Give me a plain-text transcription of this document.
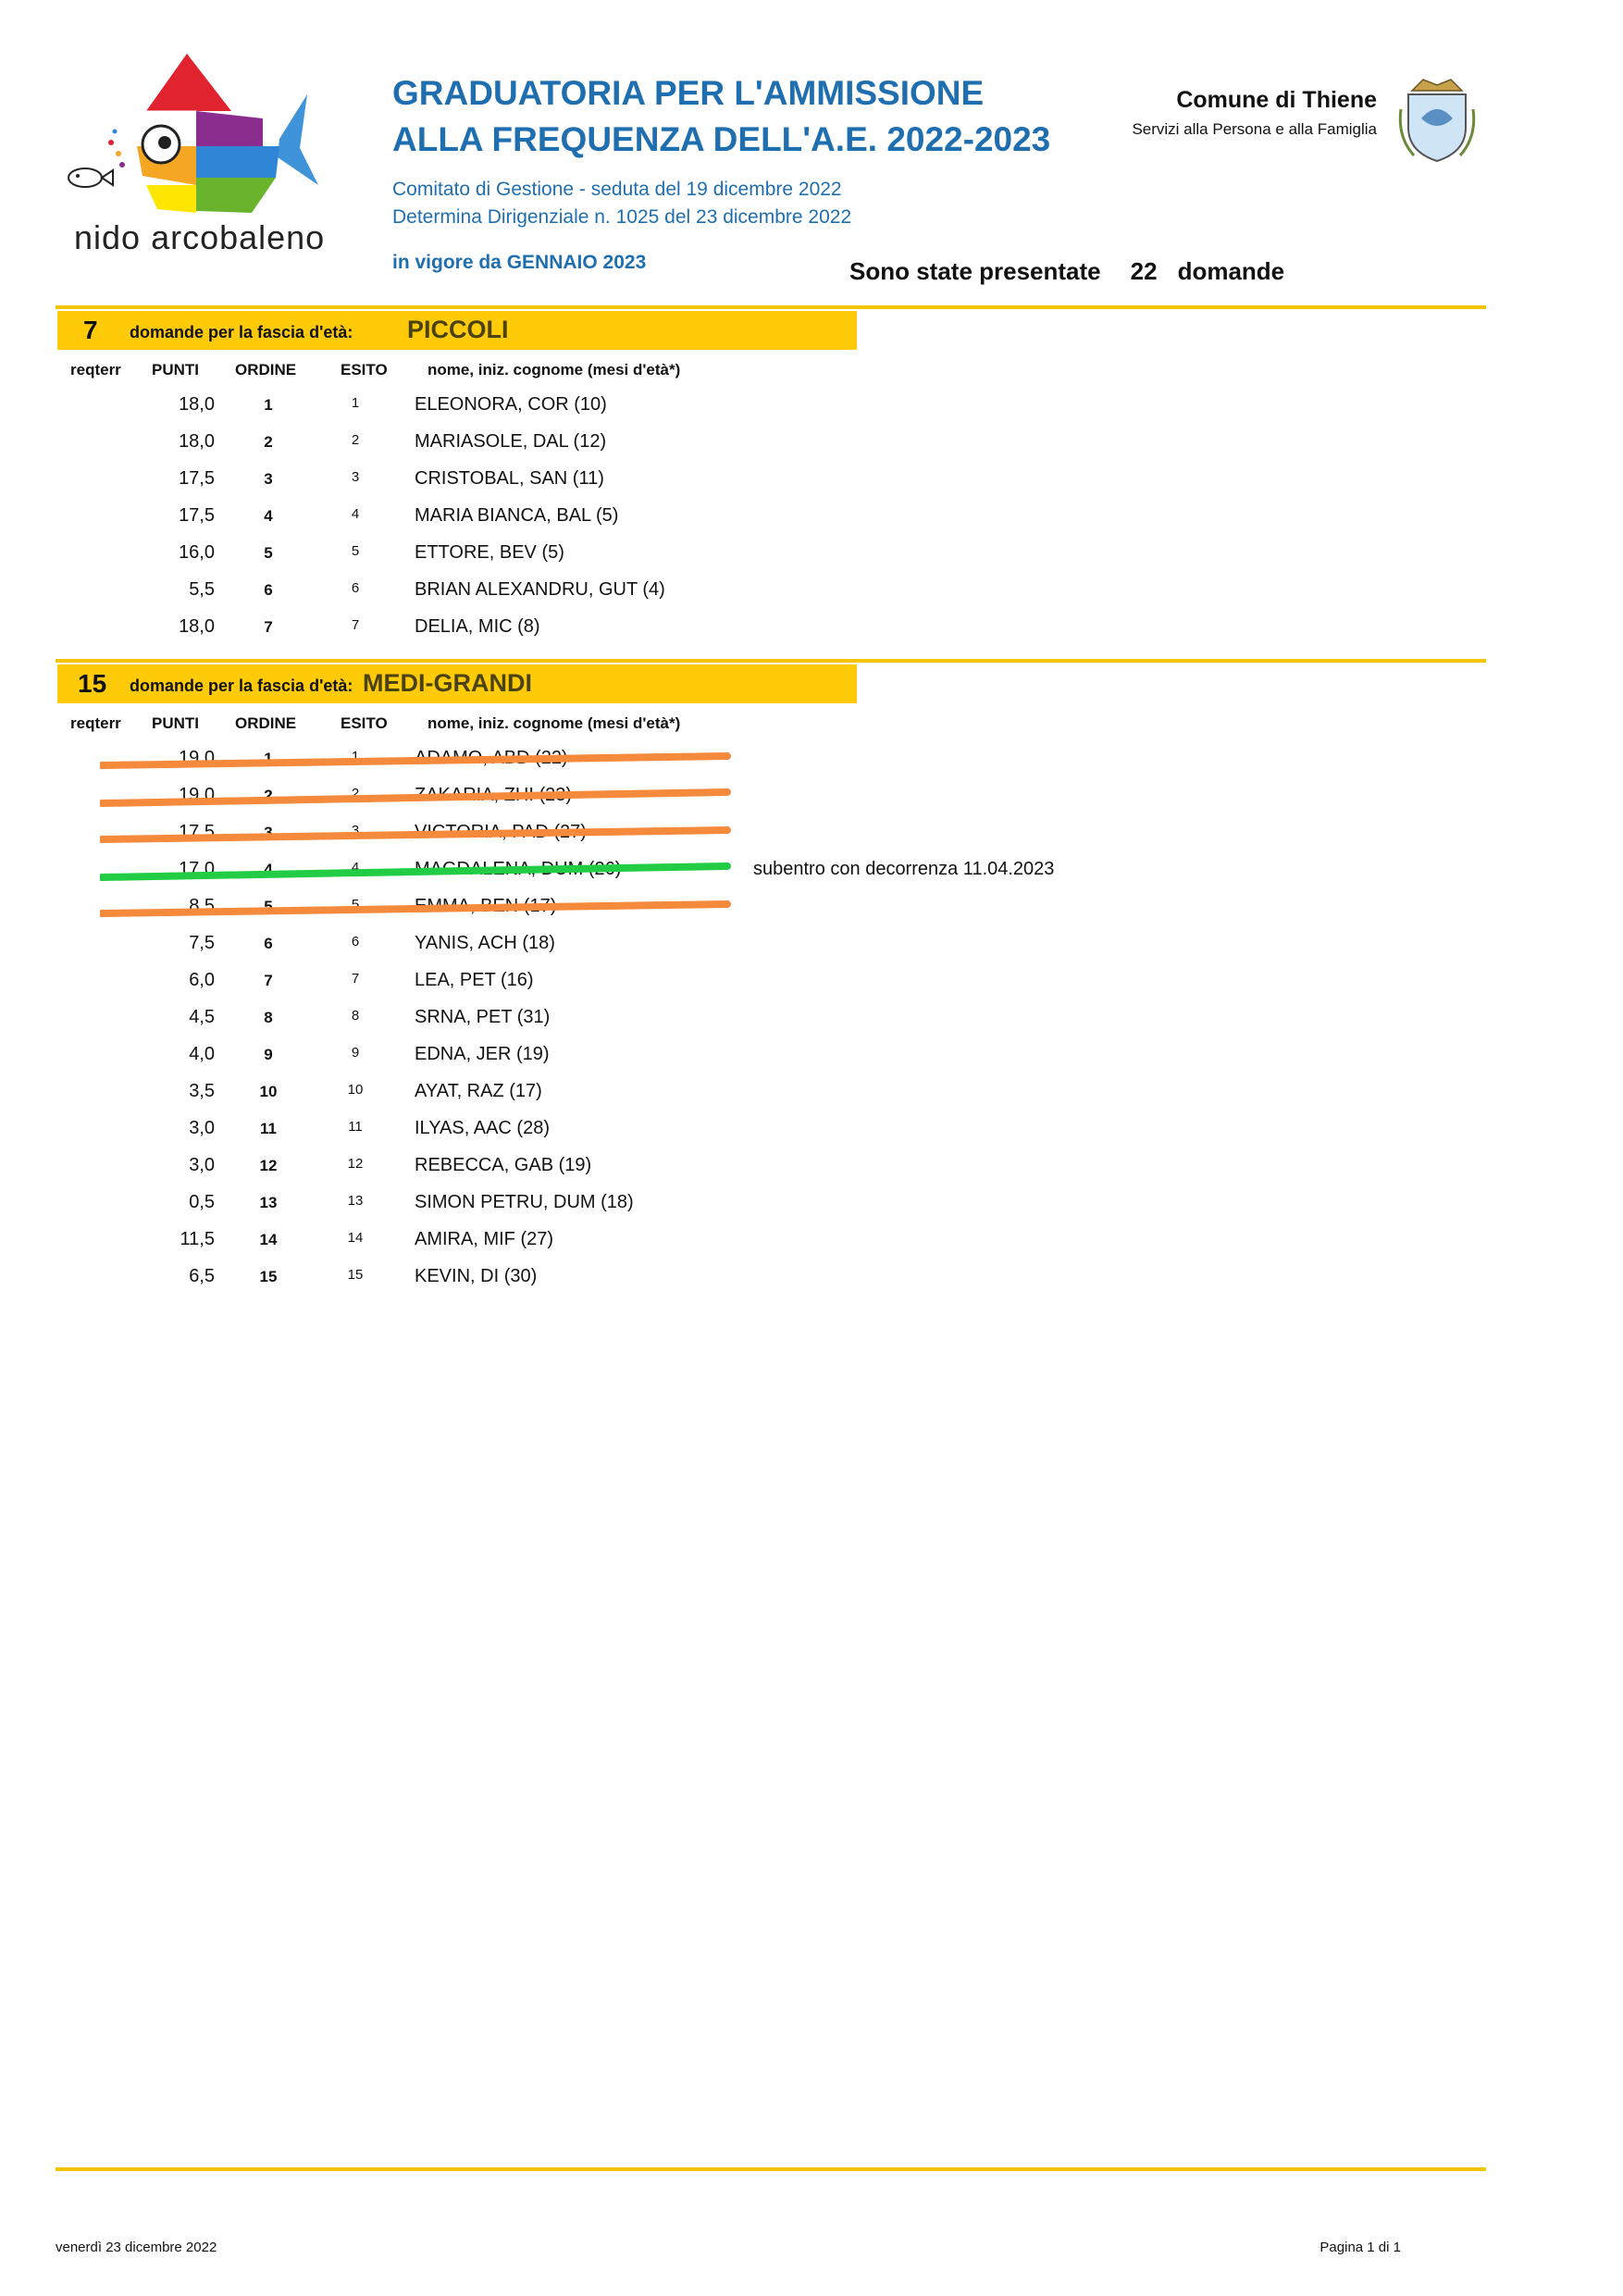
nido arcobaleno
GRADUATORIA PER L'AMMISSIONE
ALLA FREQUENZA DELL'A.E. 2022-2023
Comitato di Gestione - seduta del 19 dicembre 2022
Determina Dirigenziale n. 1025 del 23 dicembre 2022
in vigore da GENNAIO 2023
Comune di Thiene
Servizi alla Persona e alla Famiglia
Sono state presentate 22 domande
7 domande per la fascia d'età: PICCOLI
reqterr PUNTI ORDINE	ESITO	nome, iniz. cognome (mesi d'età*)
18,0	1	1	ELEONORA, COR (10)
18,0	2	2	MARIASOLE, DAL (12)
17,5	3	3	CRISTOBAL, SAN (11)
17,5	4	4	MARIA BIANCA, BAL (5)
16,0	5	5	ETTORE, BEV (5)
5,5	6	6	BRIAN ALEXANDRU, GUT (4)
18,0	7	7	DELIA, MIC (8)
15 domande per la fascia d'età: MEDI-GRANDI
reqterr PUNTI ORDINE	ESITO	nome, iniz. cognome (mesi d'età*)
19,0	1	1	ADAMO, ABD (22)
19,0	2	2	ZAKARIA, ZHI (23)
17,5	3	3	VICTORIA, PAD (27)
17,0	4	4	MAGDALENA, DUM (26)	subentro con decorrenza 11.04.2023
8,5	5	5	EMMA, BEN (17)
7,5	6	6	YANIS, ACH (18)
6,0	7	7	LEA, PET (16)
4,5	8	8	SRNA, PET (31)
4,0	9	9	EDNA, JER (19)
3,5	10	10	AYAT, RAZ (17)
3,0	11	11	ILYAS, AAC (28)
3,0	12	12	REBECCA, GAB (19)
0,5	13	13	SIMON PETRU, DUM (18)
11,5	14	14	AMIRA, MIF (27)
6,5	15	15	KEVIN, DI (30)
venerdì 23 dicembre 2022	Pagina 1 di 1
